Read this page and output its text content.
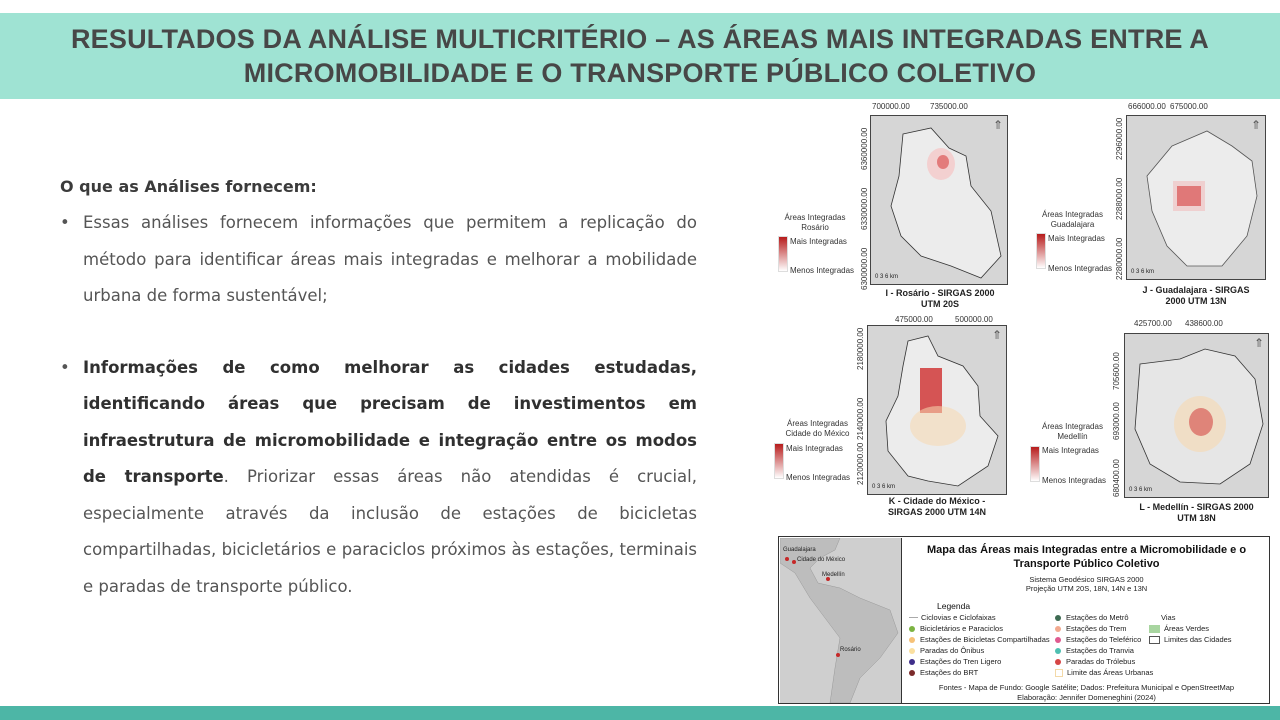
RESULTADOS DA ANÁLISE MULTICRITÉRIO – AS ÁREAS MAIS INTEGRADAS ENTRE A
MICROMOBILIDADE E O TRANSPORTE PÚBLICO COLETIVO
O que as Análises fornecem:
• Essas análises fornecem informações que permitem a replicação do método para identificar áreas mais integradas e melhorar a mobilidade urbana de forma sustentável;
• Informações de como melhorar as cidades estudadas, identificando áreas que precisam de investimentos em infraestrutura de micromobilidade e integração entre os modos de transporte. Priorizar essas áreas não atendidas é crucial, especialmente através da inclusão de estações de bicicletas compartilhadas, bicicletários e paraciclos próximos às estações, terminais e paradas de transporte público.
700000.00	735000.00
6360000.00
6330000.00
6300000.00
⇑
0 3 6 km
Áreas Integradas
Rosário
Mais Integradas
Menos Integradas
I - Rosário - SIRGAS 2000
UTM 20S
666000.00 675000.00
2296000.00
2288000.00
2280000.00
⇑
0 3 6 km
Áreas Integradas
Guadalajara
Mais Integradas
Menos Integradas
J - Guadalajara - SIRGAS
2000 UTM 13N
475000.00	500000.00
2180000.00
2140000.00
2120000.00
⇑
0 3 6 km
Áreas Integradas
Cidade do México
Mais Integradas
Menos Integradas
K - Cidade do México -
SIRGAS 2000 UTM 14N
425700.00 438600.00
705600.00
693000.00
680400.00
⇑
0 3 6 km
Áreas Integradas
Medellín
Mais Integradas
Menos Integradas
L - Medellín - SIRGAS 2000
UTM 18N
Guadalajara
Cidade do México
Medellín
Rosário
Mapa das Áreas mais Integradas entre a Micromobilidade e o Transporte Público Coletivo
Sistema Geodésico SIRGAS 2000
Projeção UTM 20S, 18N, 14N e 13N
Legenda
Ciclovias e Ciclofaixas
Bicicletários e Paraciclos
Estações de Bicicletas Compartilhadas
Paradas do Ônibus
Estações do Tren Ligero
Estações do BRT
Estações do Metrô
Estações do Trem
Estações do Teleférico
Estações do Tranvia
Paradas do Trólebus
Limite das Áreas Urbanas
Vias
Áreas Verdes
Limites das Cidades
Fontes - Mapa de Fundo: Google Satélite; Dados: Prefeitura Municipal e OpenStreetMap
Elaboração: Jennifer Domeneghini (2024)
